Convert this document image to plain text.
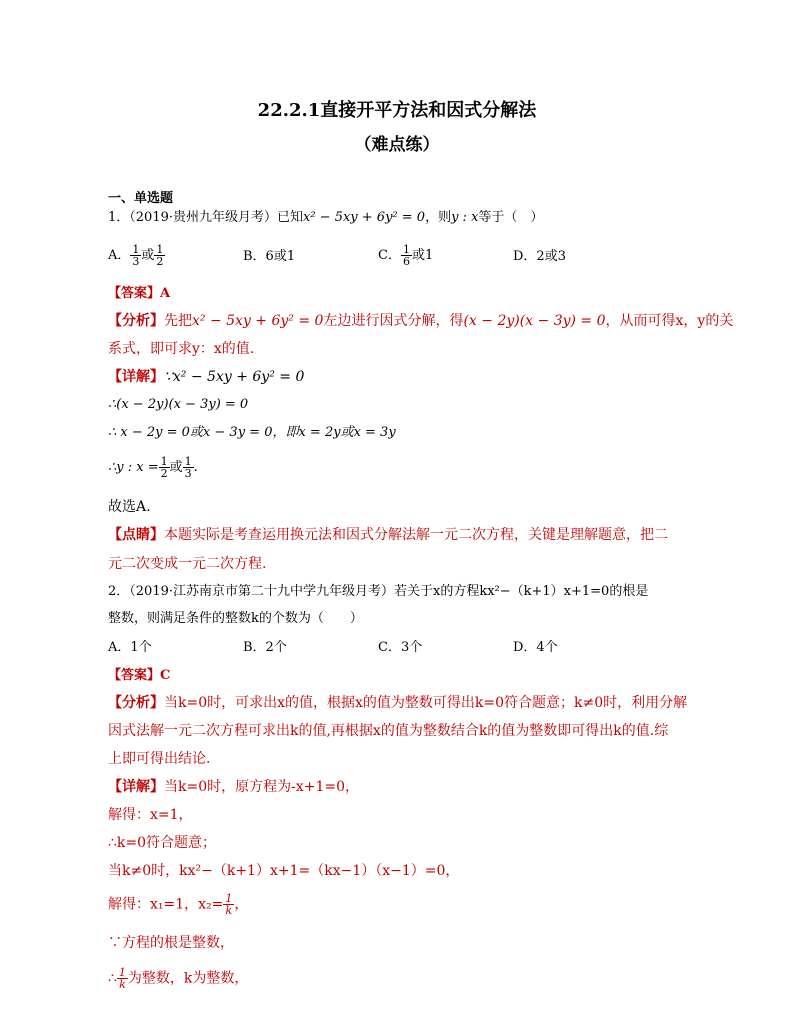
22.2.1直接开平方法和因式分解法
（难点练）
一、单选题
1．（2019·贵州九年级月考）已知x² − 5xy + 6y² = 0，则y : x等于（　）
A． $\frac{1}{3}$ 或 $\frac{1}{2}$	B．6或1	C． $\frac{1}{6}$ 或1	D．2或3
【答案】A
【分析】先把x² − 5xy + 6y² = 0左边进行因式分解，得(x − 2y)(x − 3y) = 0，从而可得x，y的关
系式，即可求y：x的值.
【详解】∵x² − 5xy + 6y² = 0
∴(x − 2y)(x − 3y) = 0
∴ x − 2y = 0或x − 3y = 0，即x = 2y或x = 3y
∴y : $x = \frac{1}{2}$ 或 $\frac{1}{3}$ .
故选A.
【点睛】本题实际是考查运用换元法和因式分解法解一元二次方程，关键是理解题意，把二
元二次变成一元二次方程.
2．（2019·江苏南京市第二十九中学九年级月考）若关于x的方程kx²−（k+1）x+1=0的根是
整数，则满足条件的整数k的个数为（　　）
A．1个	B．2个	C．3个	D．4个
【答案】C
【分析】当k=0时，可求出x的值，根据x的值为整数可得出k=0符合题意；k≠0时，利用分解
因式法解一元二次方程可求出k的值,再根据x的值为整数结合k的值为整数即可得出k的值.综
上即可得出结论．
【详解】当k=0时，原方程为-x+1=0，
解得：x=1，
∴k=0符合题意；
当k≠0时，kx²−（k+1）x+1=（kx−1）（x−1）=0，
解得：x₁=1，$x_2= \frac{1}{k}$ ，
∵方程的根是整数，
∴ $\frac{1}{k}$ 为整数，k为整数，
